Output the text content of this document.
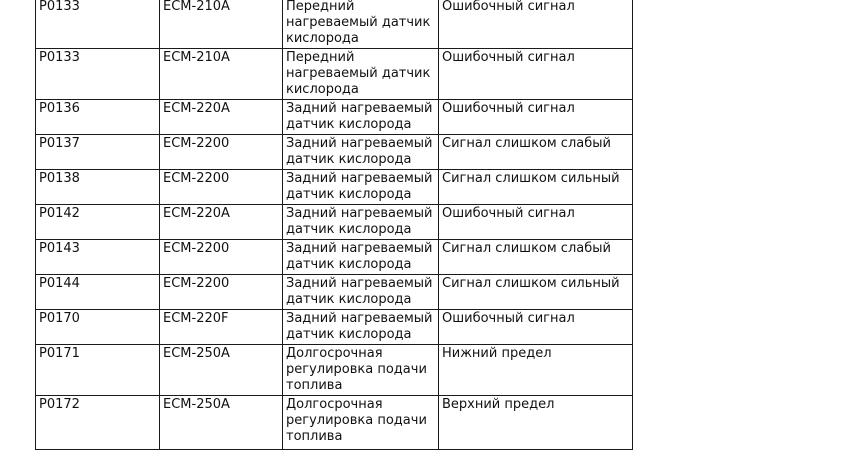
P0133	ECM-210A	Передний нагреваемый датчик кислорода	Ошибочный сигнал
P0133	ECM-210A	Передний нагреваемый датчик кислорода	Ошибочный сигнал
P0136	ECM-220A	Задний нагреваемый датчик кислорода	Ошибочный сигнал
P0137	ECM-2200	Задний нагреваемый датчик кислорода	Сигнал слишком слабый
P0138	ECM-2200	Задний нагреваемый датчик кислорода	Сигнал слишком сильный
P0142	ECM-220A	Задний нагреваемый датчик кислорода	Ошибочный сигнал
P0143	ECM-2200	Задний нагреваемый датчик кислорода	Сигнал слишком слабый
P0144	ECM-2200	Задний нагреваемый датчик кислорода	Сигнал слишком сильный
P0170	ECM-220F	Задний нагреваемый датчик кислорода	Ошибочный сигнал
P0171	ECM-250A	Долгосрочная регулировка подачи топлива	Нижний предел
P0172	ECM-250A	Долгосрочная регулировка подачи топлива	Верхний предел
